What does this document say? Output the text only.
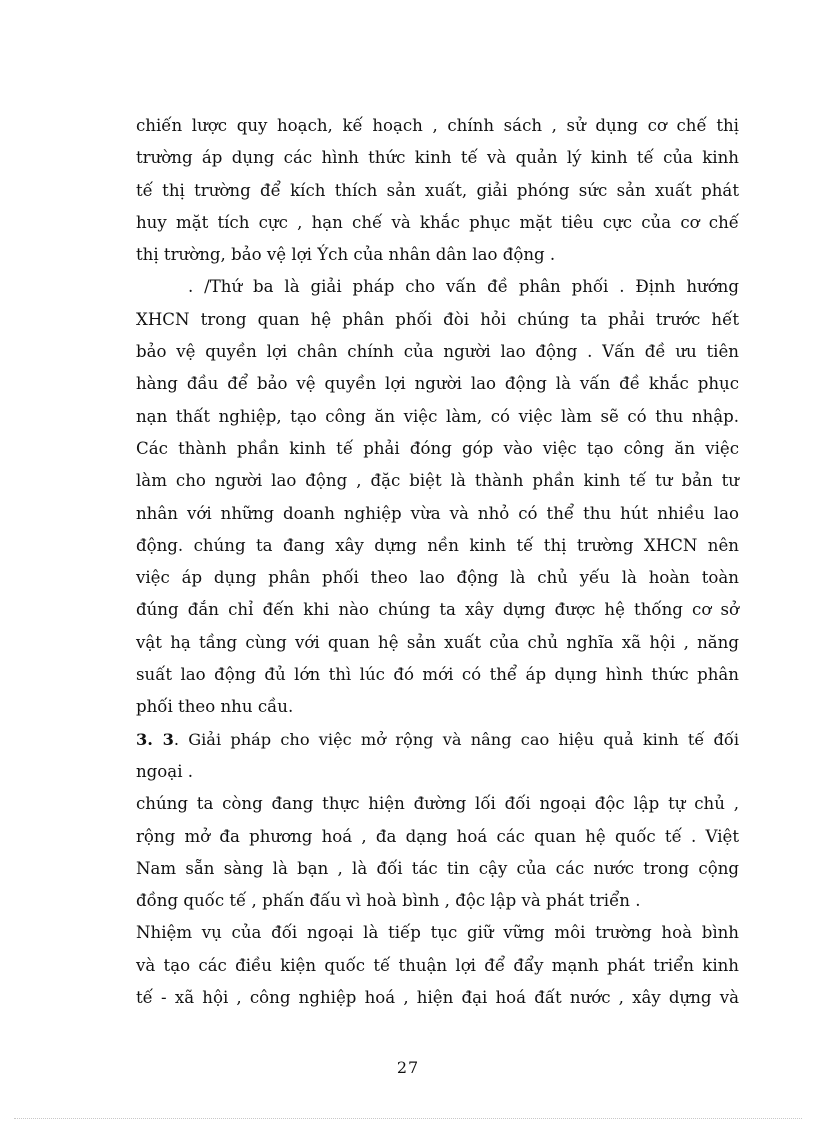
chiến lược quy hoạch, kế hoạch , chính sách , sử dụng cơ chế thị
trường áp dụng các hình thức kinh tế và quản lý kinh tế của kinh
tế thị trường để kích thích sản xuất, giải phóng sức sản xuất phát
huy mặt tích cực , hạn chế và khắc phục mặt tiêu cực của cơ chế
thị trường, bảo vệ lợi Ých của nhân dân lao động .
. /Thứ ba là giải pháp cho vấn đề phân phối . Định hướng
XHCN trong quan hệ phân phối đòi hỏi chúng ta phải trước hết
bảo vệ quyền lợi chân chính của người lao động . Vấn đề ưu tiên
hàng đầu để bảo vệ quyền lợi người lao động là vấn đề khắc phục
nạn thất nghiệp, tạo công ăn việc làm, có việc làm sẽ có thu nhập.
Các thành phần kinh tế phải đóng góp vào việc tạo công ăn việc
làm cho người lao động , đặc biệt là thành phần kinh tế tư bản tư
nhân với những doanh nghiệp vừa và nhỏ có thể thu hút nhiều lao
động. chúng ta đang xây dựng nền kinh tế thị trường XHCN nên
việc áp dụng phân phối theo lao động là chủ yếu là hoàn toàn
đúng đắn chỉ đến khi nào chúng ta xây dựng được hệ thống cơ sở
vật hạ tầng cùng với quan hệ sản xuất của chủ nghĩa xã hội , năng
suất lao động đủ lớn thì lúc đó mới có thể áp dụng hình thức phân
phối theo nhu cầu.
3. 3. Giải pháp cho việc mở rộng và nâng cao hiệu quả kinh tế đối
ngoại .
chúng ta còng đang thực hiện đường lối đối ngoại độc lập tự chủ ,
rộng mở đa phương hoá , đa dạng hoá các quan hệ quốc tế . Việt
Nam sẵn sàng là bạn , là đối tác tin cậy của các nước trong cộng
đồng quốc tế , phấn đấu vì hoà bình , độc lập và phát triển .
Nhiệm vụ của đối ngoại là tiếp tục giữ vững môi trường hoà bình
và tạo các điều kiện quốc tế thuận lợi để đẩy mạnh phát triển kinh
tế - xã hội , công nghiệp hoá , hiện đại hoá đất nước , xây dựng và
27
